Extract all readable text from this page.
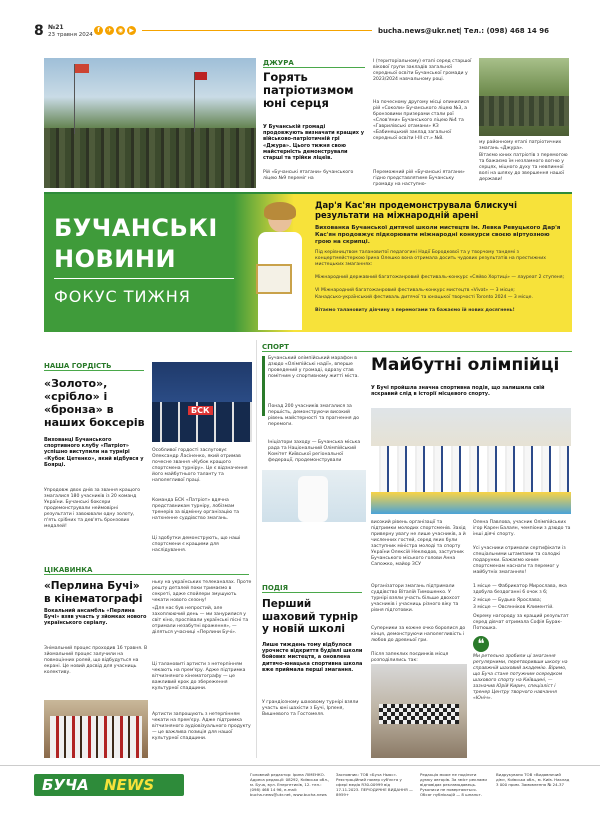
8 №21
23 травня 2024
f	✈ ◉	▶	bucha.news@ukr.net | Тел.: (098) 468 14 96
ДЖУРА
Горять патріотизмом юні серця
У Бучанській громаді продовжують визначати кращих у військово-патріотичній грі «Джура». Цього тижня свою майстерність демонстрували старші та трійки ліцеїв.
Рій «Бучанські ятагани» бучанського ліцею №9 переміг на
І (територіальному) етапі серед старшої вікової групи закладів загальної середньої освіти Бучанської громади у 2023/2024 навчальному році.
На почесному другому місці опинилися рій «Соколи» Бучанського ліцею №3, а бронзовими призерами стали рої «Слов'яни» Бучанського ліцею №4 та «Гаврилівські отамани» КЗ «Бабинецький заклад загальної середньої освіти І-ІІІ ст.» №8.
Переможний рій «Бучанські ятагани» гідно представлятиме Бучанську громаду на наступно-
му районному етапі патріотичних змагань «Джура».
Вітаємо юних патріотів з перемогою та бажаємо їм незламного вогню у серцях, міцного духу та невпинної волі на шляху до звершення нашої держави!
БУЧАНСЬКІ
НОВИНИ
ФОКУС ТИЖНЯ
Дар'я Кас'ян продемонструвала блискучі результати на міжнародній арені
Вихованка Бучанської дитячої школи мистецтв ім. Левка Ревуцького Дар'я Кас'ян продовжує підкорювати міжнародні конкурси своєю віртуозною грою на скрипці.
Під керівництвом талановитої педагогині Надії Бородкової та у творчому тандемі з концертмейстеркою Ірина Олешко вона отримала досить чудових результатів на престижних мистецьких змаганнях:
Міжнародний державний багатожанровий фестиваль-конкурс «Сяйво Хортиці» — лауреат 2 ступеня;
VI Міжнародний багатожанровий фестиваль-конкурс мистецтв «Vivat» — 3 місце;
Канадсько-український фестиваль дитячої та юнацької творчості Toronto 2024 — 3 місце.
Вітаємо талановиту дівчину з перемогами та бажаємо їй нових досягнень!
НАША ГОРДІСТЬ
«Золото», «срібло» і «бронза» в наших боксерів
Вихованці Бучанського спортивного клубу «Патріот» успішно виступили на турнірі «Кубок Цетенко», який відбувся у Боярці.
Упродовж двох днів за звання кращого змагалися 180 учасників із 20 команд України. Бучанські боксери продемонстрували неймовірні результати і завоювали одну золоту, п'ять срібних та дев'ять бронзових медалей!
БСК
Особливої гордості заслуговує Олександр Ласіненко, який отримав почесне звання «Кубок кращого спортсмена турніру». Це є відзначення його майбутнього таланту та наполегливої праці.
Команда БСК «Патріот» вдячна представникам турніру, лобізмам тренерів за відмінну організацію та натхненне суддівство змагань.
Ці здобутки демонструють, що наші спортсмени є кращими для наслідування.
ЦІКАВИНКА
«Перлина Бучі» в кінематографі
Вокальний ансамбль «Перлина Бучі» взяв участь у зйомках нового українського серіалу.
Знімальний процес проходив 16 травня. В зйомальний процес залучили на повноцінних ролей, що відбудуться на екрані. Це новий досвід для учасниць колективу.
ньку на українських телеканалах. Проте решту деталей поки тримаємо в секреті, адже спойлери змушують чекати нового сезону!
«Для нас був непростий, але захоплюючий день — ми занурилися у світ кіно, проспівали українські пісні та отримали незабутні враження», — діляться учасниці «Перлини Бучі».
Ці талановиті артисти з нетерпінням чекають на прем'єру. Адже підтримка вітчизняного кінематографу — це важливий крок до збереження культурної спадщини.
Артисти запрошують з нетерпінням чекати на прем'єру. Адже підтримка вітчизняного аудіовізуального продукту — це важлива позиція для нашої культурної спадщини.
СПОРТ
Бучанський олімпійський марафон в дзюдо «Олімпійські надії», вперше проведений у громаді, одразу став помітним у спортивному житті міста.
Понад 200 учасників змагалися за першість, демонструючи високий рівень майстерності та прагнення до перемоги.
Ініціатори заходу — Бучанська міська рада та Національний Олімпійський Комітет Київської регіональної федерації, продемонстрували
Майбутні олімпійці
У Бучі пройшла значна спортивна подія, що залишила свій яскравий слід в історії місцевого спорту.
високий рівень організації та підтримки молодих спортсменів. Захід приверну увагу не лише учасників, а й численних гостей, серед яких були заступник міністра молоді та спорту України Олексій Неклюдов, заступник Бучанського міського голови Анна Сапожко, майор ЗСУ
Олена Павлова, учасник Олімпійських ігор Карен Балаян, чемпіони з дзюдо та інші діячі спорту.
Усі учасники отримали сертифікати із спеціальними штампами та солодкі подарунки. Бажаємо юним спортсменам наснаги та перемог у майбутніх змаганнях!
ПОДІЯ
Перший шаховий турнір у новій школі
Лише тиждень тому відбулося урочисте відкриття будівлі школи бойових мистецтв, а оновлена дитячо-юнацька спортивна школа вже приймала перші змагання.
У грандіозному шаховому турнірі взяли участь юні шахісти з Бучі, Ірпеня, Вишневого та Гостомеля.
Організатори змагань підтримали суддівство Віталій Тимошенко. У турнірі взяли участь більше двохсот учасників і учасниць різного віку та рівня підготовки.
Суперники за кожне очко боролися до кінця, демонструючи наполегливість і любов до древньої гри.
Після запеклих поєдинків місця розподілились так:
1 місце — Фабрикатор Мирослава, яка здобула бездоганні 6 очок з 6;
2 місце — Будько Ярослава;
3 місце — Овсянніков Климентій.
Окрему нагороду за кращий результат серед дівчат отримала Софія Бурак-Потюшка.
❝
Ми ретельно зробили ці змагання регулярними, перетворивши школу на справжній шаховий академію. Віримо, що Буча стане потужним осередком шахового спорту на Київщині, — зазначив Юрій Кирич, спеціаліст і тренер Центру творчого навчання «Юніч».
БУЧА NEWS
Головний редактор: Ірина ЛІМЕНКО. Адреса редакції: 08292, Київська обл., м. Буча, вул. Енергетиків, 12. тел.: (098) 468 14 96, e-mail: bucha.news@ukr.net, www.bucha.news
Засновник: ТОВ «Буча Ньюс». Реєстраційний номер суб'єкта у сфері медіа R30-00999 від 17.11.2023. ПЕРІОДИЧНЕ ВИДАННЯ — 8959+
Редакція може не поділяти думку авторів. За зміст реклами відповідає рекламодавець. Рукописи не повертаються. Обсяг публікацій — 8 шпальт.
Видрукувано ТОВ «Видавничий дім», Київська обл., м. Київ. Наклад 3 000 прим. Замовлення № 24-37
